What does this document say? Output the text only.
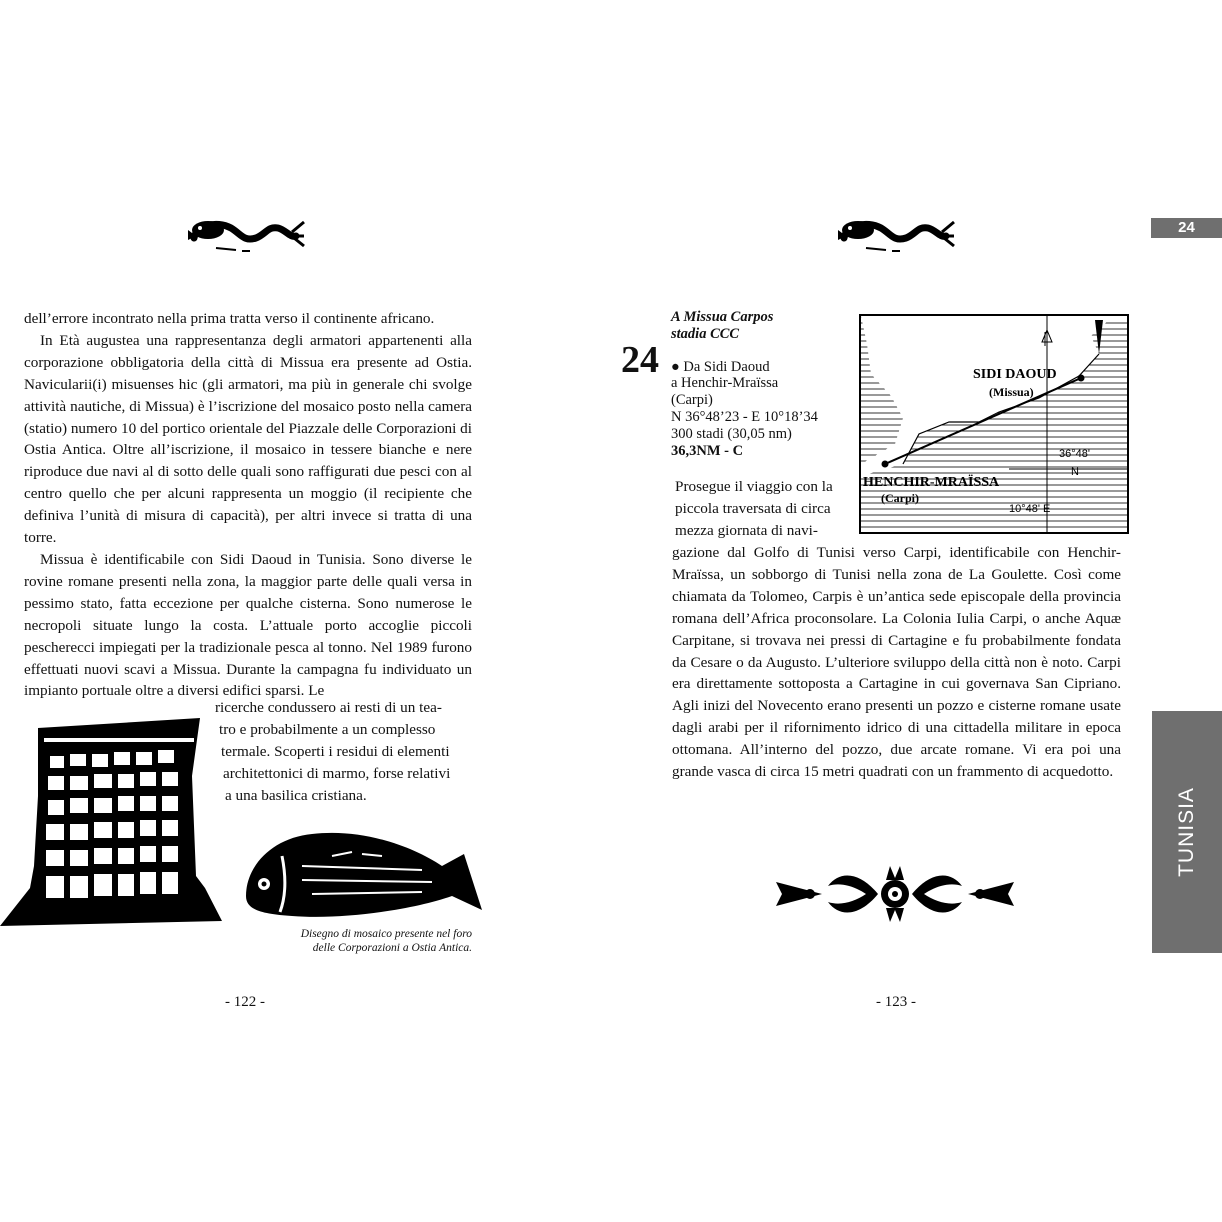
dell’errore incontrato nella prima tratta verso il continente africano.

In Età augustea una rappresentanza degli armatori appartenenti alla corporazione obbligatoria della città di Missua era presente ad Ostia. Navicularii(i) misuenses hic (gli armatori, ma più in generale chi svolge attività nautiche, di Missua) è l’iscrizione del mosaico posto nella camera (statio) numero 10 del portico orientale del Piazzale delle Corporazioni di Ostia Antica. Oltre all’iscrizione, il mosaico in tessere bianche e nere riproduce due navi al di sotto delle quali sono raffigurati due pesci con al centro quello che per alcuni rappresenta un moggio (il recipiente che definiva l’unità di misura di capacità), per altri invece si tratta di una torre.

Missua è identificabile con Sidi Daoud in Tunisia. Sono diverse le rovine romane presenti nella zona, la maggior parte delle quali versa in pessimo stato, fatta eccezione per qualche cisterna. Sono numerose le necropoli situate lungo la costa. L’attuale porto accoglie piccoli pescherecci impiegati per la tradizionale pesca al tonno. Nel 1989 furono effettuati nuovi scavi a Missua. Durante la campagna fu individuato un impianto portuale oltre a diversi edifici sparsi. Le

ricerche condussero ai resti di un tea-
tro e probabilmente a un complesso
termale. Scoperti i residui di elementi
architettonici di marmo, forse relativi
a una basilica cristiana.
Disegno di mosaico presente nel foro
delle Corporazioni a Ostia Antica.
- 122 -
24
A Missua Carpos
stadia CCC
● Da Sidi Daoud
a Henchir-Mraïssa
(Carpi)
N 36°48’23 - E 10°18’34
300 stadi (30,05 nm)
36,3NM - C
24	SIDI DAOUD
(Missua)
HENCHIR-MRAÏSSA
(Carpi)
36°48'
N
10°48' E
Prosegue il viaggio con la
piccola traversata di circa
mezza giornata di navi-

gazione dal Golfo di Tunisi verso Carpi, identificabile con Henchir-Mraïssa, un sobborgo di Tunisi nella zona de La Goulette. Così come chiamata da Tolomeo, Carpis è un’antica sede episcopale della provincia romana dell’Africa proconsolare. La Colonia Iulia Carpi, o anche Aquæ Carpitane, si trovava nei pressi di Cartagine e fu probabilmente fondata da Cesare o da Augusto. L’ulteriore sviluppo della città non è noto. Carpi era direttamente sottoposta a Cartagine in cui governava San Cipriano. Agli inizi del Novecento erano presenti un pozzo e cisterne romane usate dagli arabi per il rifornimento idrico di una cittadella militare in epoca ottomana. All’interno del pozzo, due arcate romane. Vi era poi una grande vasca di circa 15 metri quadrati con un frammento di acquedotto.

TUNISIA
- 123 -
